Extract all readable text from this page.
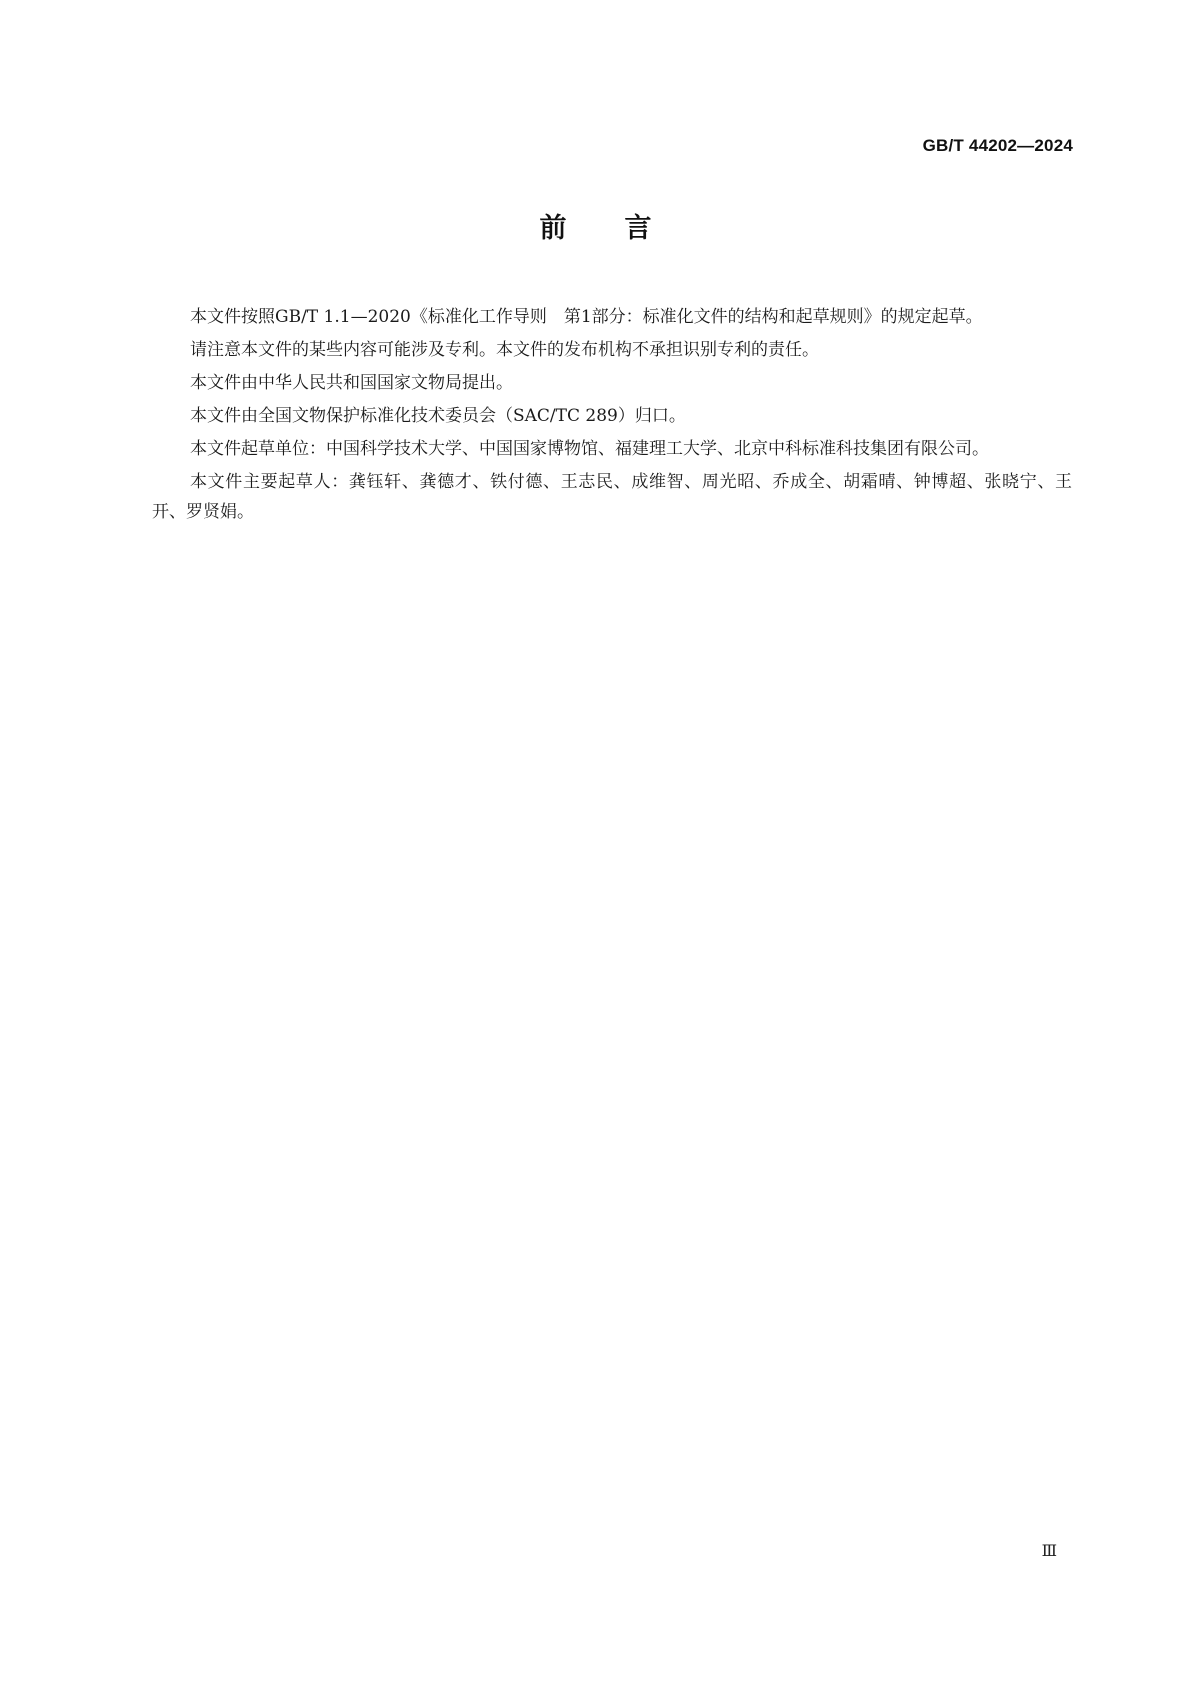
GB/T 44202—2024
前言

本文件按照GB/T 1.1—2020《标准化工作导则　第1部分：标准化文件的结构和起草规则》的规定起草。

请注意本文件的某些内容可能涉及专利。本文件的发布机构不承担识别专利的责任。

本文件由中华人民共和国国家文物局提出。

本文件由全国文物保护标准化技术委员会（SAC/TC 289）归口。

本文件起草单位：中国科学技术大学、中国国家博物馆、福建理工大学、北京中科标准科技集团有限公司。

本文件主要起草人：龚钰轩、龚德才、铁付德、王志民、成维智、周光昭、乔成全、胡霜晴、钟博超、张晓宁、王开、罗贤娟。

Ⅲ
